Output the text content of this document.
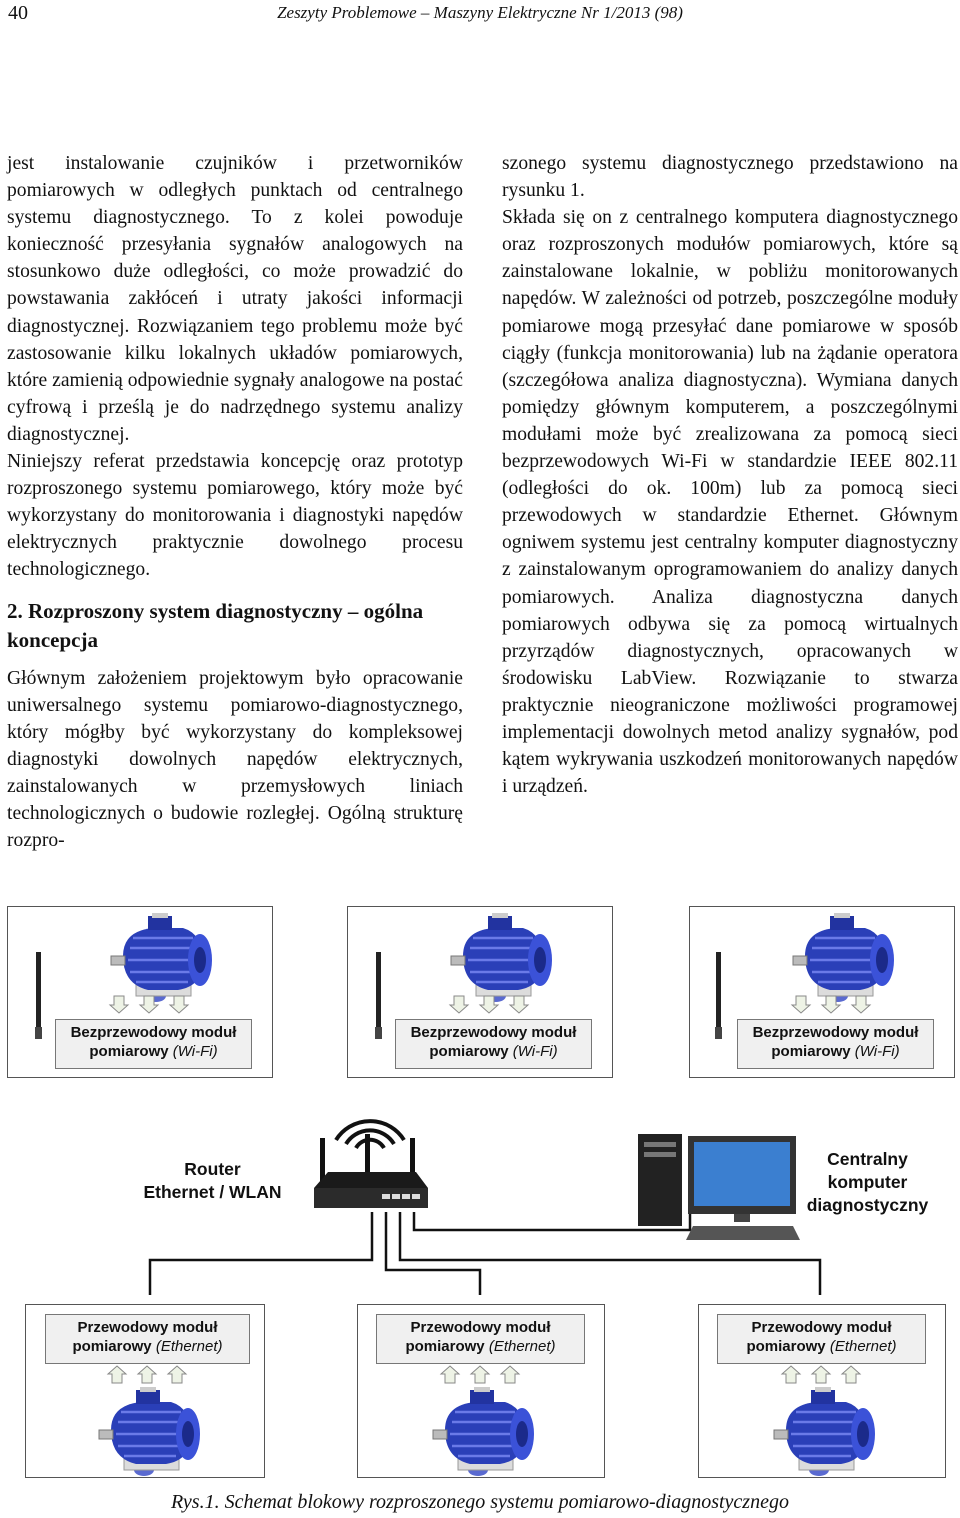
40	Zeszyty Problemowe – Maszyny Elektryczne Nr 1/2013 (98)

jest instalowanie czujników i przetworników pomiarowych w odległych punktach od centralnego systemu diagnostycznego. To z kolei powoduje konieczność przesyłania sygnałów analogowych na stosunkowo duże odległości, co może prowadzić do powstawania zakłóceń i utraty jakości informacji diagnostycznej. Rozwiązaniem tego problemu może być zastosowanie kilku lokalnych układów pomiarowych, które zamienią odpowiednie sygnały analogowe na postać cyfrową i prześlą je do nadrzędnego systemu analizy diagnostycznej.

Niniejszy referat przedstawia koncepcję oraz prototyp rozproszonego systemu pomiarowego, który może być wykorzystany do monitorowania i diagnostyki napędów elektrycznych praktycznie dowolnego procesu technologicznego.

2. Rozproszony system diagnostyczny – ogólna koncepcja

Głównym założeniem projektowym było opracowanie uniwersalnego systemu pomiarowo-diagnostycznego, który mógłby być wykorzystany do kompleksowej diagnostyki dowolnych napędów elektrycznych, zainstalowanych w przemysłowych liniach technologicznych o budowie rozległej. Ogólną strukturę rozpro-

szonego systemu diagnostycznego przedstawiono na rysunku 1.

Składa się on z centralnego komputera diagnostycznego oraz rozproszonych modułów pomiarowych, które są zainstalowane lokalnie, w pobliżu monitorowanych napędów. W zależności od potrzeb, poszczególne moduły pomiarowe mogą przesyłać dane pomiarowe w sposób ciągły (funkcja monitorowania) lub na żądanie operatora (szczegółowa analiza diagnostyczna). Wymiana danych pomiędzy głównym komputerem, a poszczególnymi modułami może być zrealizowana za pomocą sieci bezprzewodowych Wi-Fi w standardzie IEEE 802.11 (odległości do ok. 100m) lub za pomocą sieci przewodowych w standardzie Ethernet. Głównym ogniwem systemu jest centralny komputer diagnostyczny z zainstalowanym oprogramowaniem do analizy danych pomiarowych. Analiza diagnostyczna danych pomiarowych odbywa się za pomocą wirtualnych przyrządów diagnostycznych, opracowanych w środowisku LabView. Rozwiązanie to stwarza praktycznie nieograniczone możliwości programowej implementacji dowolnych metod analizy sygnałów, pod kątem wykrywania uszkodzeń monitorowanych napędów i urządzeń.

Bezprzewodowy moduł
pomiarowy (Wi-Fi)
Bezprzewodowy moduł
pomiarowy (Wi-Fi)
Bezprzewodowy moduł
pomiarowy (Wi-Fi)
Router
Ethernet / WLAN
Centralny
komputer
diagnostyczny
Przewodowy moduł
pomiarowy (Ethernet)
Przewodowy moduł
pomiarowy (Ethernet)
Przewodowy moduł
pomiarowy (Ethernet)
Rys.1. Schemat blokowy rozproszonego systemu pomiarowo-diagnostycznego
